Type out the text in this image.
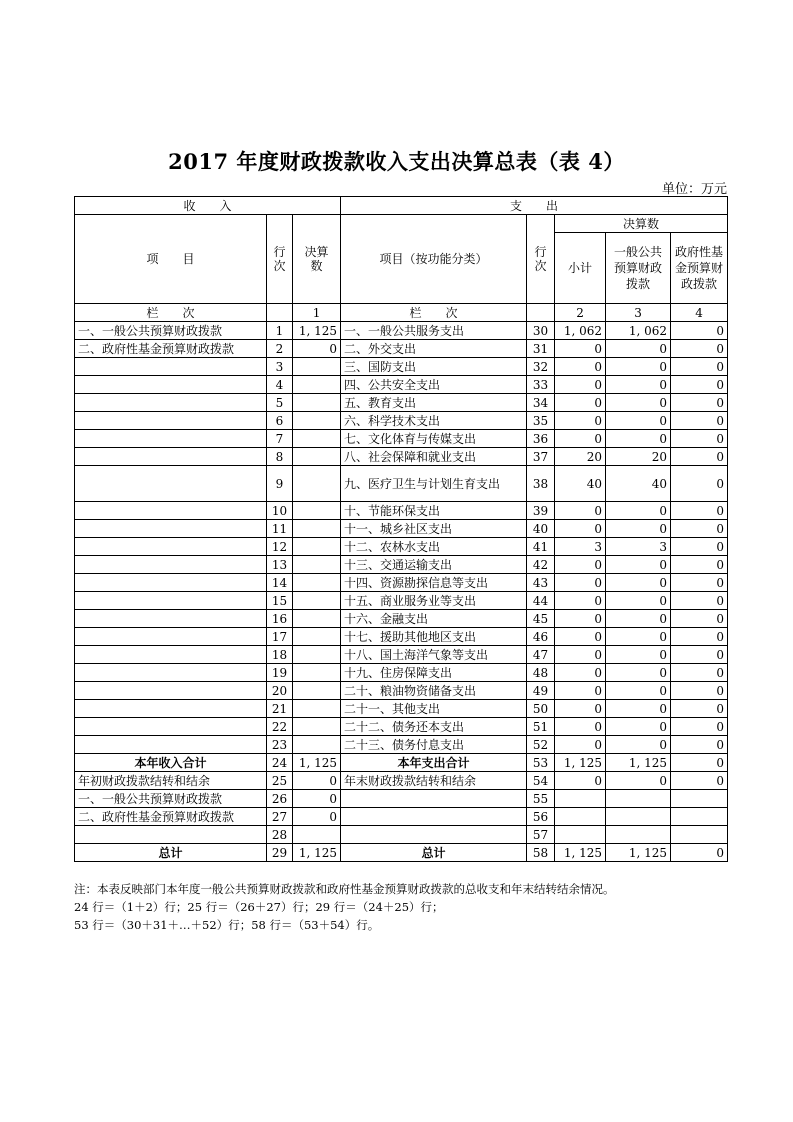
2017 年度财政拨款收入支出决算总表（表 4）
单位：万元
收　　入			支　　出				
项　　目	行次	决算数	项目（按功能分类）	行次	决算数		
					小计	一般公共预算财政拨款	政府性基金预算财政拨款
栏　　次		1	栏　　次		2	3	4
一、一般公共预算财政拨款	1	1, 125	一、一般公共服务支出	30	1, 062	1, 062	0
二、政府性基金预算财政拨款	2	0	二、外交支出	31	0	0	0
	3		三、国防支出	32	0	0	0
	4		四、公共安全支出	33	0	0	0
	5		五、教育支出	34	0	0	0
	6		六、科学技术支出	35	0	0	0
	7		七、文化体育与传媒支出	36	0	0	0
	8		八、社会保障和就业支出	37	20	20	0
	9		九、医疗卫生与计划生育支出	38	40	40	0
	10		十、节能环保支出	39	0	0	0
	11		十一、城乡社区支出	40	0	0	0
	12		十二、农林水支出	41	3	3	0
	13		十三、交通运输支出	42	0	0	0
	14		十四、资源勘探信息等支出	43	0	0	0
	15		十五、商业服务业等支出	44	0	0	0
	16		十六、金融支出	45	0	0	0
	17		十七、援助其他地区支出	46	0	0	0
	18		十八、国土海洋气象等支出	47	0	0	0
	19		十九、住房保障支出	48	0	0	0
	20		二十、粮油物资储备支出	49	0	0	0
	21		二十一、其他支出	50	0	0	0
	22		二十二、债务还本支出	51	0	0	0
	23		二十三、债务付息支出	52	0	0	0
本年收入合计	24	1, 125	本年支出合计	53	1, 125	1, 125	0
年初财政拨款结转和结余	25	0	年末财政拨款结转和结余	54	0	0	0
一、一般公共预算财政拨款	26	0		55			
二、政府性基金预算财政拨款	27	0		56			
	28			57			
总计	29	1, 125	总计	58	1, 125	1, 125	0
注：本表反映部门本年度一般公共预算财政拨款和政府性基金预算财政拨款的总收支和年末结转结余情况。
24 行＝（1＋2）行；25 行＝（26＋27）行；29 行＝（24＋25）行；
53 行＝（30＋31＋…＋52）行；58 行＝（53＋54）行。
